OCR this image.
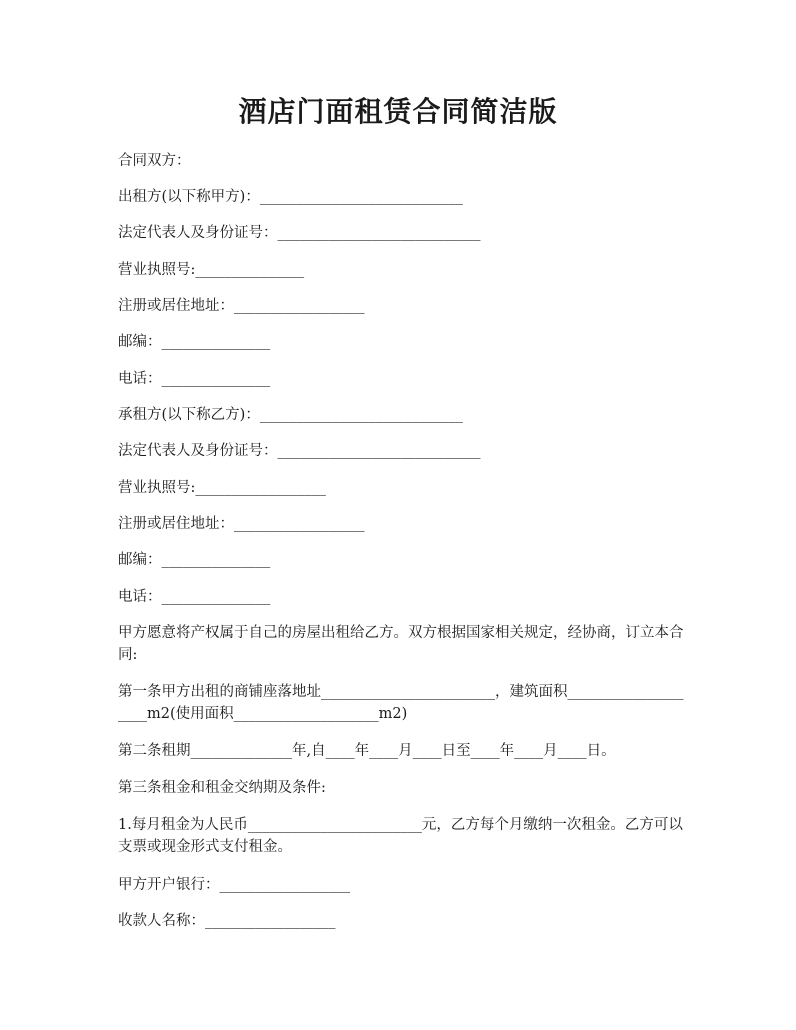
酒店门面租赁合同简洁版
合同双方：
出租方(以下称甲方)：____________________________
法定代表人及身份证号：____________________________
营业执照号:_______________
注册或居住地址：__________________
邮编：_______________
电话：_______________
承租方(以下称乙方)：____________________________
法定代表人及身份证号：____________________________
营业执照号:__________________
注册或居住地址：__________________
邮编：_______________
电话：_______________
甲方愿意将产权属于自己的房屋出租给乙方。双方根据国家相关规定，经协商，订立本合同:
第一条甲方出租的商铺座落地址________________________，建筑面积____________________m2(使用面积____________________m2)
第二条租期______________年,自____年____月____日至____年____月____日。
第三条租金和租金交纳期及条件:
1.每月租金为人民币________________________元，乙方每个月缴纳一次租金。乙方可以支票或现金形式支付租金。
甲方开户银行：__________________
收款人名称：__________________
